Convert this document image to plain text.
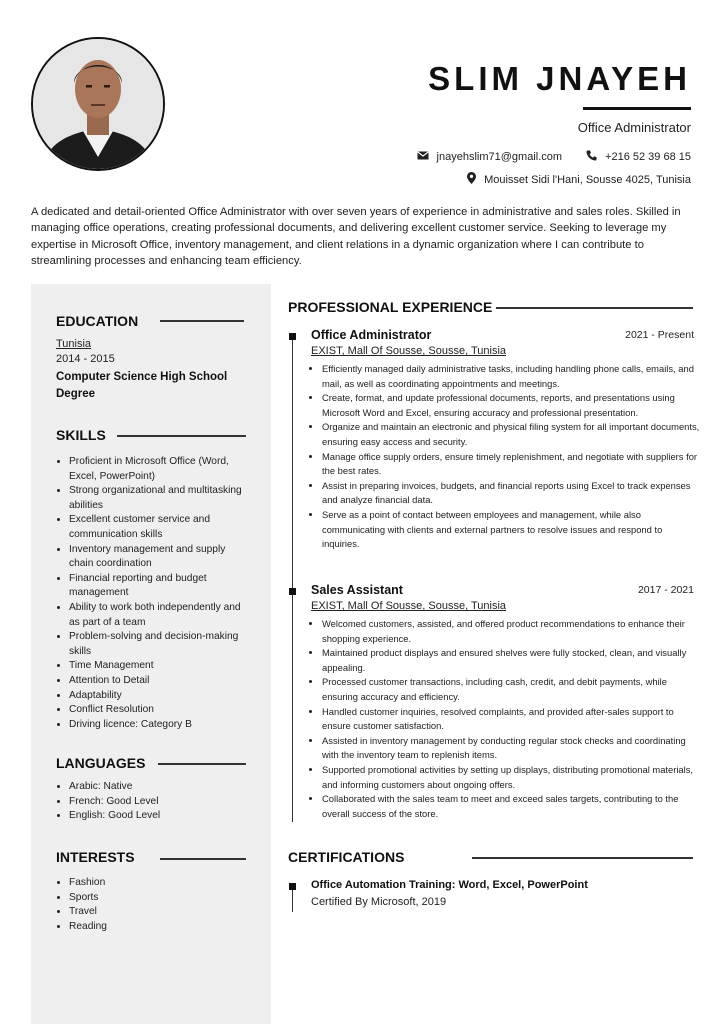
SLIM JNAYEH
Office Administrator
jnayehslim71@gmail.com	+216 52 39 68 15
Mouisset Sidi l'Hani, Sousse 4025, Tunisia
A dedicated and detail-oriented Office Administrator with over seven years of experience in administrative and sales roles. Skilled in managing office operations, creating professional documents, and delivering excellent customer service. Seeking to leverage my expertise in Microsoft Office, inventory management, and client relations in a dynamic organization where I can contribute to streamlining processes and enhancing team efficiency.
EDUCATION
Tunisia
2014 - 2015
Computer Science High School Degree
SKILLS
• Proficient in Microsoft Office (Word, Excel, PowerPoint)
• Strong organizational and multitasking abilities
• Excellent customer service and communication skills
• Inventory management and supply chain coordination
• Financial reporting and budget management
• Ability to work both independently and as part of a team
• Problem-solving and decision-making skills
• Time Management
• Attention to Detail
• Adaptability
• Conflict Resolution
• Driving licence: Category B
LANGUAGES
• Arabic: Native
• French: Good Level
• English: Good Level
INTERESTS
• Fashion
• Sports
• Travel
• Reading
PROFESSIONAL EXPERIENCE
Office Administrator	2021 - Present
EXIST, Mall Of Sousse, Sousse, Tunisia
• Efficiently managed daily administrative tasks, including handling phone calls, emails, and mail, as well as coordinating appointments and meetings.
• Create, format, and update professional documents, reports, and presentations using Microsoft Word and Excel, ensuring accuracy and professional presentation.
• Organize and maintain an electronic and physical filing system for all important documents, ensuring easy access and security.
• Manage office supply orders, ensure timely replenishment, and negotiate with suppliers for the best rates.
• Assist in preparing invoices, budgets, and financial reports using Excel to track expenses and analyze financial data.
• Serve as a point of contact between employees and management, while also communicating with clients and external partners to resolve issues and respond to inquiries.
Sales Assistant	2017 - 2021
EXIST, Mall Of Sousse, Sousse, Tunisia
• Welcomed customers, assisted, and offered product recommendations to enhance their shopping experience.
• Maintained product displays and ensured shelves were fully stocked, clean, and visually appealing.
• Processed customer transactions, including cash, credit, and debit payments, while ensuring accuracy and efficiency.
• Handled customer inquiries, resolved complaints, and provided after-sales support to ensure customer satisfaction.
• Assisted in inventory management by conducting regular stock checks and coordinating with the inventory team to replenish items.
• Supported promotional activities by setting up displays, distributing promotional materials, and informing customers about ongoing offers.
• Collaborated with the sales team to meet and exceed sales targets, contributing to the overall success of the store.
CERTIFICATIONS
Office Automation Training: Word, Excel, PowerPoint
Certified By Microsoft, 2019
